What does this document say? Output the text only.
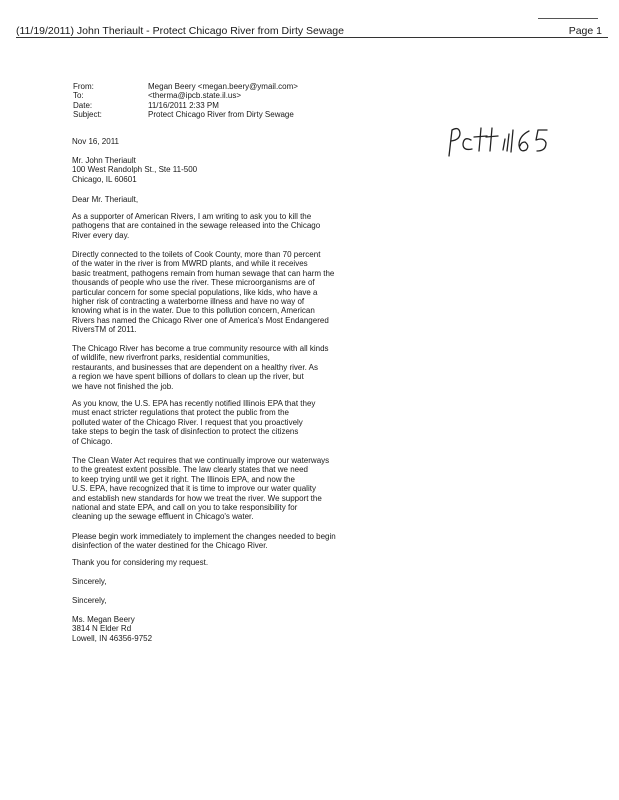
(11/19/2011) John Theriault - Protect Chicago River from Dirty Sewage	Page 1
From:	Megan Beery <megan.beery@ymail.com>
To:	<therma@ipcb.state.il.us>
Date:	11/16/2011 2:33 PM
Subject:	Protect Chicago River from Dirty Sewage

Nov 16, 2011

Mr. John Theriault
100 West Randolph St., Ste 11-500
Chicago, IL 60601

Dear Mr. Theriault,

As a supporter of American Rivers, I am writing to ask you to kill the
pathogens that are contained in the sewage released into the Chicago
River every day.

Directly connected to the toilets of Cook County, more than 70 percent
of the water in the river is from MWRD plants, and while it receives
basic treatment, pathogens remain from human sewage that can harm the
thousands of people who use the river. These microorganisms are of
particular concern for some special populations, like kids, who have a
higher risk of contracting a waterborne illness and have no way of
knowing what is in the water. Due to this pollution concern, American
Rivers has named the Chicago River one of America's Most Endangered
RiversTM of 2011.

The Chicago River has become a true community resource with all kinds
of wildlife, new riverfront parks, residential communities,
restaurants, and businesses that are dependent on a healthy river. As
a region we have spent billions of dollars to clean up the river, but
we have not finished the job.

As you know, the U.S. EPA has recently notified Illinois EPA that they
must enact stricter regulations that protect the public from the
polluted water of the Chicago River. I request that you proactively
take steps to begin the task of disinfection to protect the citizens
of Chicago.

The Clean Water Act requires that we continually improve our waterways
to the greatest extent possible. The law clearly states that we need
to keep trying until we get it right. The Illinois EPA, and now the
U.S. EPA, have recognized that it is time to improve our water quality
and establish new standards for how we treat the river. We support the
national and state EPA, and call on you to take responsibility for
cleaning up the sewage effluent in Chicago's water.

Please begin work immediately to implement the changes needed to begin
disinfection of the water destined for the Chicago River.

Thank you for considering my request.

Sincerely,

Sincerely,

Ms. Megan Beery
3814 N Elder Rd
Lowell, IN 46356-9752
